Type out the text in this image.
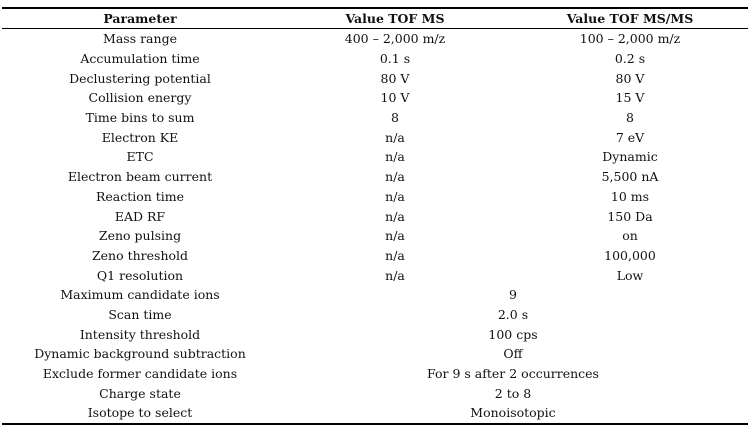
Parameter	Value TOF MS	Value TOF MS/MS
Mass range	400 – 2,000 m/z	100 – 2,000 m/z
Accumulation time	0.1 s	0.2 s
Declustering potential	80 V	80 V
Collision energy	10 V	15 V
Time bins to sum	8	8
Electron KE	n/a	7 eV
ETC	n/a	Dynamic
Electron beam current	n/a	5,500 nA
Reaction time	n/a	10 ms
EAD RF	n/a	150 Da
Zeno pulsing	n/a	on
Zeno threshold	n/a	100,000
Q1 resolution	n/a	Low
Maximum candidate ions	9	
Scan time	2.0 s	
Intensity threshold	100 cps	
Dynamic background subtraction	Off	
Exclude former candidate ions	For 9 s after 2 occurrences	
Charge state	2 to 8	
Isotope to select	Monoisotopic	
